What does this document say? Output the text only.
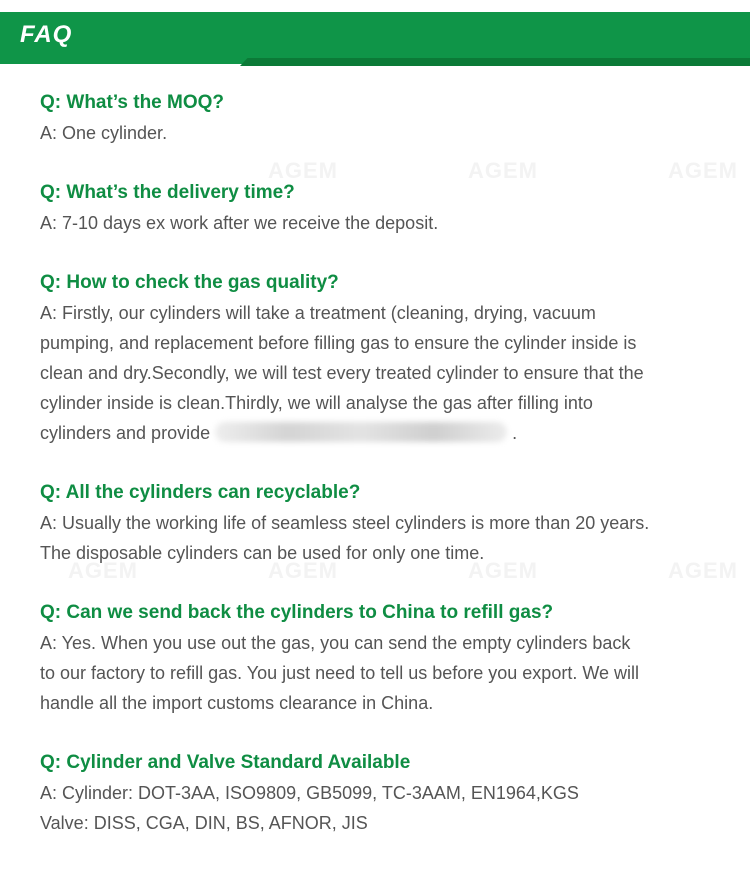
FAQ
AGEM	AGEM	AGEM
AGEM	AGEM	AGEM	AGEM
Q: What’s the MOQ?
A: One cylinder.
Q: What’s the delivery time?
A: 7-10 days ex work after we receive the deposit.
Q: How to check the gas quality?
A: Firstly, our cylinders will take a treatment (cleaning, drying, vacuum
pumping, and replacement before filling gas to ensure the cylinder inside is
clean and dry.Secondly, we will test every treated cylinder to ensure that the
cylinder inside is clean.Thirdly, we will analyse the gas after filling into
cylinders and provide	.
Q: All the cylinders can recyclable?
A: Usually the working life of seamless steel cylinders is more than 20 years.
The disposable cylinders can be used for only one time.
Q: Can we send back the cylinders to China to refill gas?
A: Yes. When you use out the gas, you can send the empty cylinders back
to our factory to refill gas. You just need to tell us before you export. We will
handle all the import customs clearance in China.
Q: Cylinder and Valve Standard Available
A: Cylinder: DOT-3AA, ISO9809, GB5099, TC-3AAM, EN1964,KGS
Valve: DISS, CGA, DIN, BS, AFNOR, JIS
